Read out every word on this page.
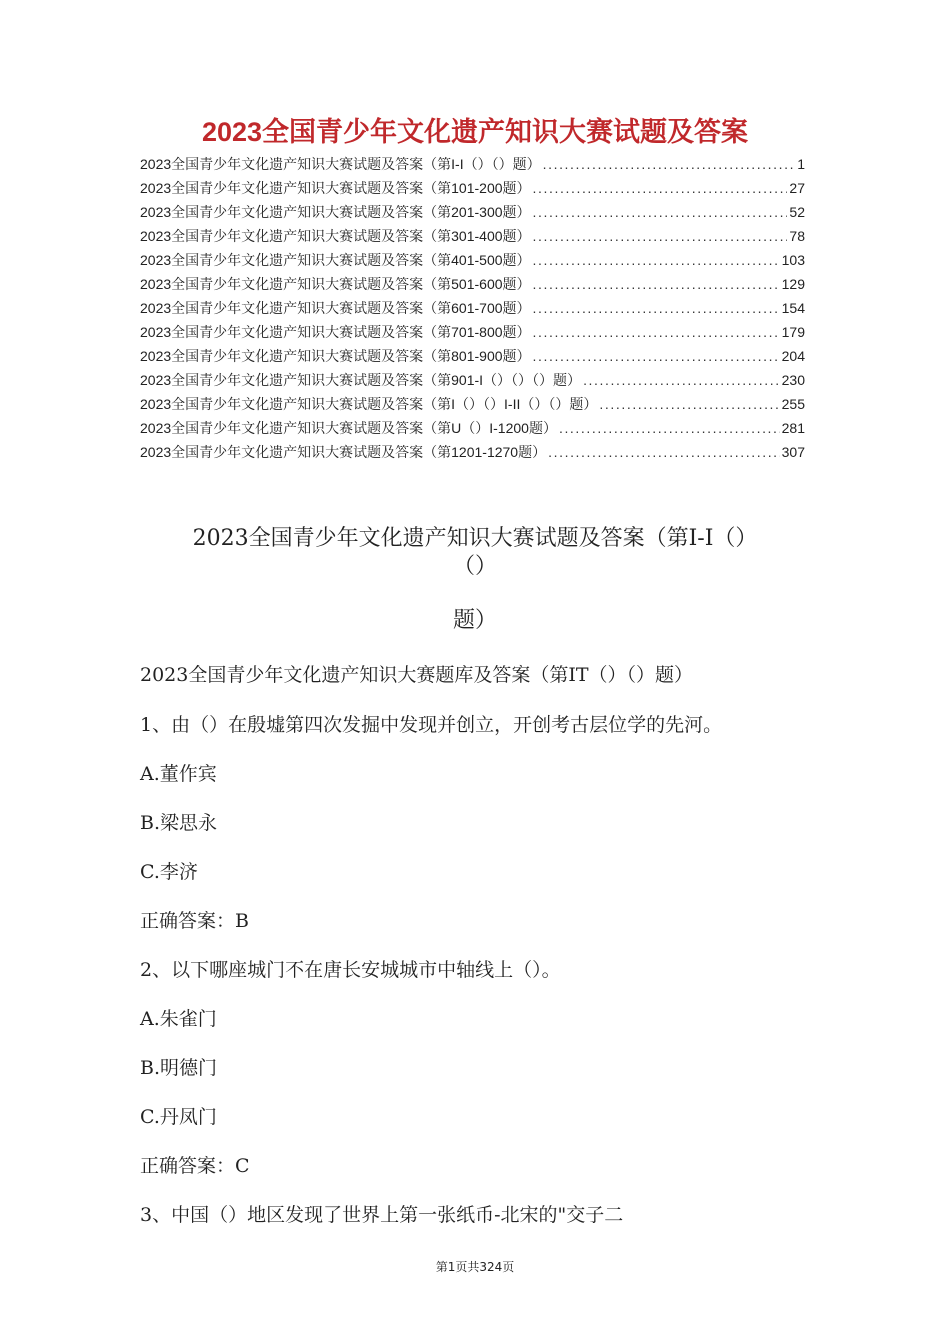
2023全国青少年文化遗产知识大赛试题及答案
2023全国青少年文化遗产知识大赛试题及答案（第I-I（）（）题） .....	1
2023全国青少年文化遗产知识大赛试题及答案（第101-200题） .....	27
2023全国青少年文化遗产知识大赛试题及答案（第201-300题） .....	52
2023全国青少年文化遗产知识大赛试题及答案（第301-400题） .....	78
2023全国青少年文化遗产知识大赛试题及答案（第401-500题） .....	103
2023全国青少年文化遗产知识大赛试题及答案（第501-600题） .....	129
2023全国青少年文化遗产知识大赛试题及答案（第601-700题） .....	154
2023全国青少年文化遗产知识大赛试题及答案（第701-800题） .....	179
2023全国青少年文化遗产知识大赛试题及答案（第801-900题） .....	204
2023全国青少年文化遗产知识大赛试题及答案（第901-I（）（）（）题） .....	230
2023全国青少年文化遗产知识大赛试题及答案（第I（）（）I-II（）（）题） .....	255
2023全国青少年文化遗产知识大赛试题及答案（第U（）I-1200题） .....	281
2023全国青少年文化遗产知识大赛试题及答案（第1201-1270题） .....	307
2023全国青少年文化遗产知识大赛试题及答案（第I-I（）
（）
题）
2023全国青少年文化遗产知识大赛题库及答案（第IT（）（）题）
1、由（）在殷墟第四次发掘中发现并创立，开创考古层位学的先河。
A.董作宾
B.梁思永
C.李济
正确答案：B
2、以下哪座城门不在唐长安城城市中轴线上（）。
A.朱雀门
B.明德门
C.丹凤门
正确答案：C
3、中国（）地区发现了世界上第一张纸币-北宋的"交子二
第1页共324页
